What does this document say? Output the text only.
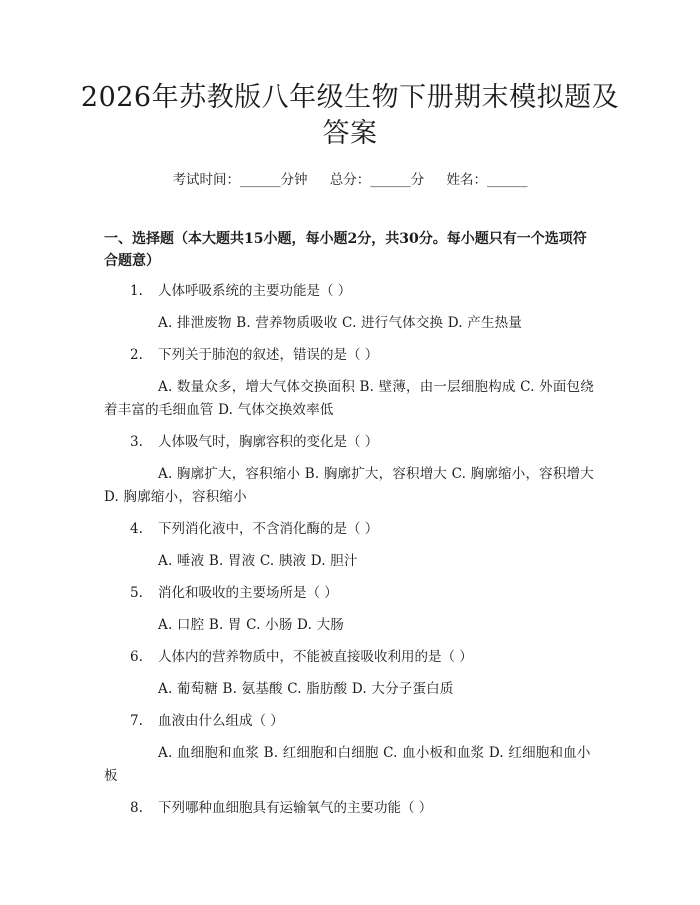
2026年苏教版八年级生物下册期末模拟题及答案
考试时间：______分钟 总分：______分 姓名：______
一、选择题（本大题共15小题，每小题2分，共30分。每小题只有一个选项符合题意）
1.	人体呼吸系统的主要功能是（ ）
A. 排泄废物 B. 营养物质吸收 C. 进行气体交换 D. 产生热量
2.	下列关于肺泡的叙述，错误的是（ ）
A. 数量众多，增大气体交换面积 B. 壁薄，由一层细胞构成 C. 外面包绕着丰富的毛细血管 D. 气体交换效率低
3.	人体吸气时，胸廓容积的变化是（ ）
A. 胸廓扩大，容积缩小 B. 胸廓扩大，容积增大 C. 胸廓缩小，容积增大 D. 胸廓缩小，容积缩小
4.	下列消化液中，不含消化酶的是（ ）
A. 唾液 B. 胃液 C. 胰液 D. 胆汁
5.	消化和吸收的主要场所是（ ）
A. 口腔 B. 胃 C. 小肠 D. 大肠
6.	人体内的营养物质中，不能被直接吸收利用的是（ ）
A. 葡萄糖 B. 氨基酸 C. 脂肪酸 D. 大分子蛋白质
7.	血液由什么组成（ ）
A. 血细胞和血浆 B. 红细胞和白细胞 C. 血小板和血浆 D. 红细胞和血小板
8.	下列哪种血细胞具有运输氧气的主要功能（ ）
